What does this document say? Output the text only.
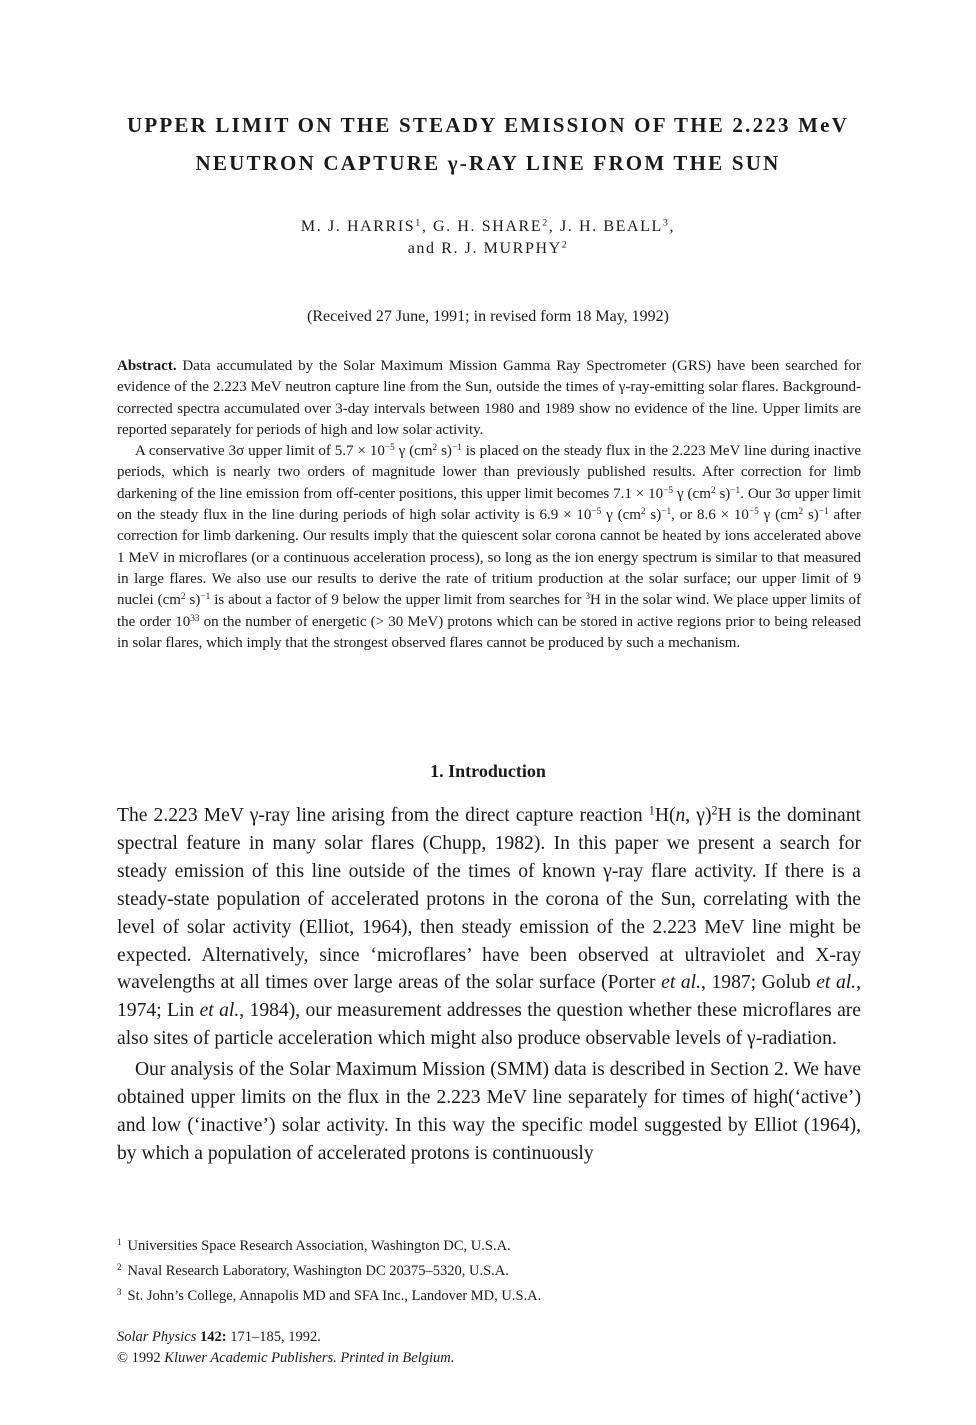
UPPER LIMIT ON THE STEADY EMISSION OF THE 2.223 MeV
NEUTRON CAPTURE γ-RAY LINE FROM THE SUN
M. J. HARRIS$^1$, G. H. SHARE$^2$, J. H. BEALL$^3$,
and R. J. MURPHY$^2$
(Received 27 June, 1991; in revised form 18 May, 1992)

Abstract. Data accumulated by the Solar Maximum Mission Gamma Ray Spectrometer (GRS) have been searched for evidence of the 2.223 MeV neutron capture line from the Sun, outside the times of γ-ray-emitting solar flares. Background-corrected spectra accumulated over 3-day intervals between 1980 and 1989 show no evidence of the line. Upper limits are reported separately for periods of high and low solar activity.

A conservative 3σ upper limit of $5.7 \times 10^{-5}$ γ ($cm^2$ s)$^{-1}$ is placed on the steady flux in the 2.223 MeV line during inactive periods, which is nearly two orders of magnitude lower than previously published results. After correction for limb darkening of the line emission from off-center positions, this upper limit becomes $7.1 \times 10^{-5}$ γ ($cm^2$ s)$^{-1}$. Our 3σ upper limit on the steady flux in the line during periods of high solar activity is $6.9 \times 10^{-5}$ γ ($cm^2$ s)$^{-1}$, or $8.6 \times 10^{-5}$ γ ($cm^2$ s)$^{-1}$ after correction for limb darkening. Our results imply that the quiescent solar corona cannot be heated by ions accelerated above 1 MeV in microflares (or a continuous acceleration process), so long as the ion energy spectrum is similar to that measured in large flares. We also use our results to derive the rate of tritium production at the solar surface; our upper limit of 9 nuclei ($cm^2$ s)$^{-1}$ is about a factor of 9 below the upper limit from searches for $^3$H in the solar wind. We place upper limits of the order $10^{33}$ on the number of energetic (> 30 MeV) protons which can be stored in active regions prior to being released in solar flares, which imply that the strongest observed flares cannot be produced by such a mechanism.

1. Introduction

The 2.223 MeV γ-ray line arising from the direct capture reaction $^1$H(n, γ)$^2$H is the dominant spectral feature in many solar flares (Chupp, 1982). In this paper we present a search for steady emission of this line outside of the times of known γ-ray flare activity. If there is a steady-state population of accelerated protons in the corona of the Sun, correlating with the level of solar activity (Elliot, 1964), then steady emission of the 2.223 MeV line might be expected. Alternatively, since ‘microflares’ have been observed at ultraviolet and X-ray wavelengths at all times over large areas of the solar surface (Porter et al., 1987; Golub et al., 1974; Lin et al., 1984), our measurement addresses the question whether these microflares are also sites of particle acceleration which might also produce observable levels of γ-radiation.

Our analysis of the Solar Maximum Mission (SMM) data is described in Section 2. We have obtained upper limits on the flux in the 2.223 MeV line separately for times of high(‘active’) and low (‘inactive’) solar activity. In this way the specific model suggested by Elliot (1964), by which a population of accelerated protons is continuously

$^1$ Universities Space Research Association, Washington DC, U.S.A.
$^2$ Naval Research Laboratory, Washington DC 20375–5320, U.S.A.
$^3$ St. John’s College, Annapolis MD and SFA Inc., Landover MD, U.S.A.
Solar Physics 142: 171–185, 1992.
© 1992 Kluwer Academic Publishers. Printed in Belgium.
